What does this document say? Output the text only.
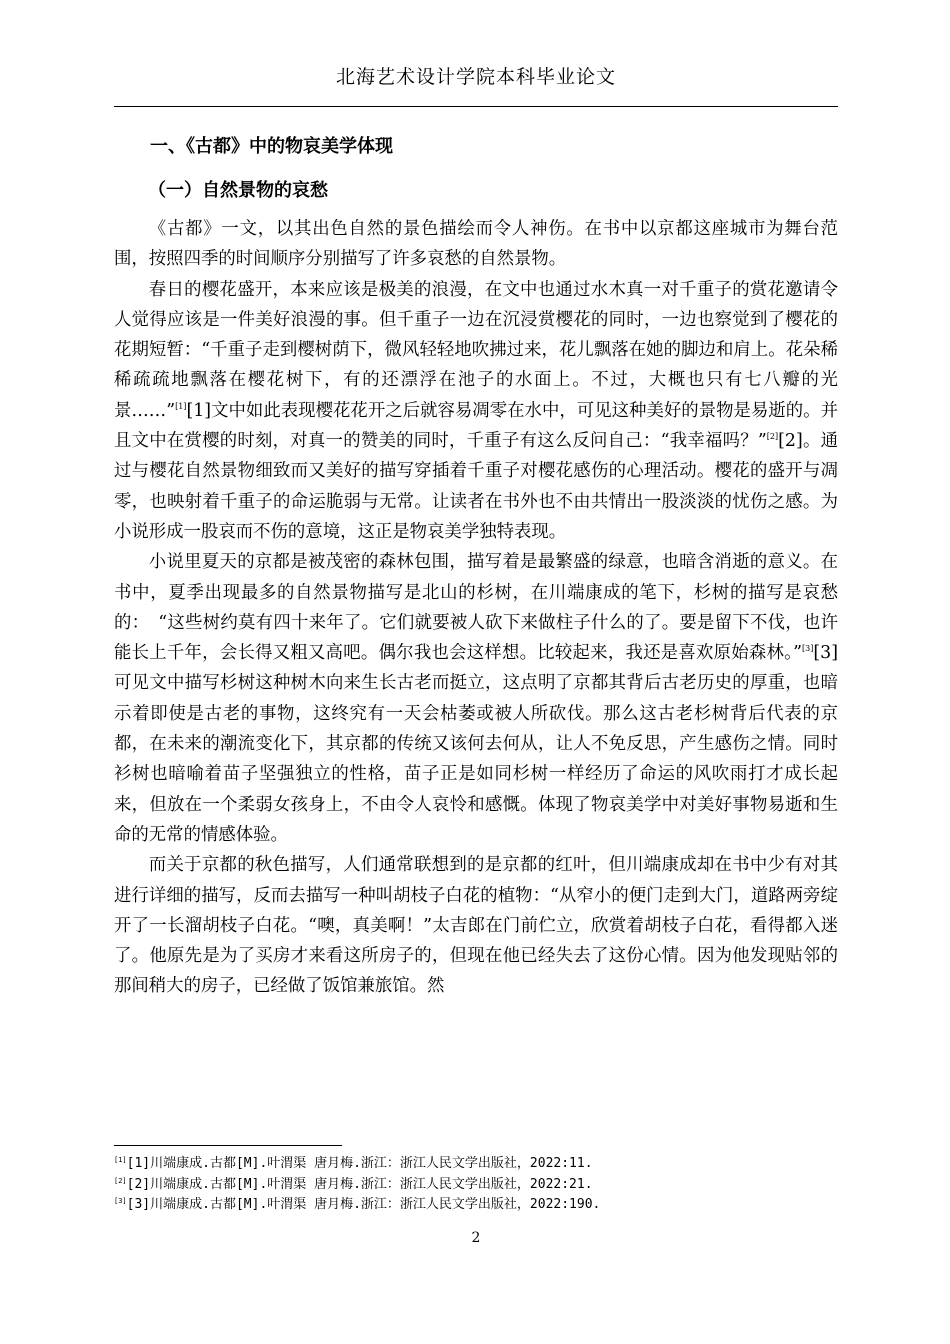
北海艺术设计学院本科毕业论文
一、《古都》中的物哀美学体现
（一）自然景物的哀愁

《古都》一文，以其出色自然的景色描绘而令人神伤。在书中以京都这座城市为舞台范围，按照四季的时间顺序分别描写了许多哀愁的自然景物。

春日的樱花盛开，本来应该是极美的浪漫，在文中也通过水木真一对千重子的赏花邀请令人觉得应该是一件美好浪漫的事。但千重子一边在沉浸赏樱花的同时，一边也察觉到了樱花的花期短暂：“千重子走到樱树荫下，微风轻轻地吹拂过来，花儿飘落在她的脚边和肩上。花朵稀稀疏疏地飘落在樱花树下，有的还漂浮在池子的水面上。不过，大概也只有七八瓣的光景……”[1][1]文中如此表现樱花花开之后就容易凋零在水中，可见这种美好的景物是易逝的。并且文中在赏樱的时刻，对真一的赞美的同时，千重子有这么反问自己：“我幸福吗？”[2][2]。通过与樱花自然景物细致而又美好的描写穿插着千重子对樱花感伤的心理活动。樱花的盛开与凋零，也映射着千重子的命运脆弱与无常。让读者在书外也不由共情出一股淡淡的忧伤之感。为小说形成一股哀而不伤的意境，这正是物哀美学独特表现。

小说里夏天的京都是被茂密的森林包围，描写着是最繁盛的绿意，也暗含消逝的意义。在书中，夏季出现最多的自然景物描写是北山的杉树，在川端康成的笔下，杉树的描写是哀愁的：　“这些树约莫有四十来年了。它们就要被人砍下来做柱子什么的了。要是留下不伐，也许能长上千年，会长得又粗又高吧。偶尔我也会这样想。比较起来，我还是喜欢原始森林。”[3][3]可见文中描写杉树这种树木向来生长古老而挺立，这点明了京都其背后古老历史的厚重，也暗示着即使是古老的事物，这终究有一天会枯萎或被人所砍伐。那么这古老杉树背后代表的京都，在未来的潮流变化下，其京都的传统又该何去何从，让人不免反思，产生感伤之情。同时衫树也暗喻着苗子坚强独立的性格，苗子正是如同杉树一样经历了命运的风吹雨打才成长起来，但放在一个柔弱女孩身上，不由令人哀怜和感慨。体现了物哀美学中对美好事物易逝和生命的无常的情感体验。

而关于京都的秋色描写，人们通常联想到的是京都的红叶，但川端康成却在书中少有对其进行详细的描写，反而去描写一种叫胡枝子白花的植物：“从窄小的便门走到大门，道路两旁绽开了一长溜胡枝子白花。“噢，真美啊！”太吉郎在门前伫立，欣赏着胡枝子白花，看得都入迷了。他原先是为了买房才来看这所房子的，但现在他已经失去了这份心情。因为他发现贴邻的那间稍大的房子，已经做了饭馆兼旅馆。然

[1][1]川端康成.古都[M].叶渭渠 唐月梅.浙江：浙江人民文学出版社，2022:11.
[2][2]川端康成.古都[M].叶渭渠 唐月梅.浙江：浙江人民文学出版社，2022:21.
[3][3]川端康成.古都[M].叶渭渠 唐月梅.浙江：浙江人民文学出版社，2022:190.
2
